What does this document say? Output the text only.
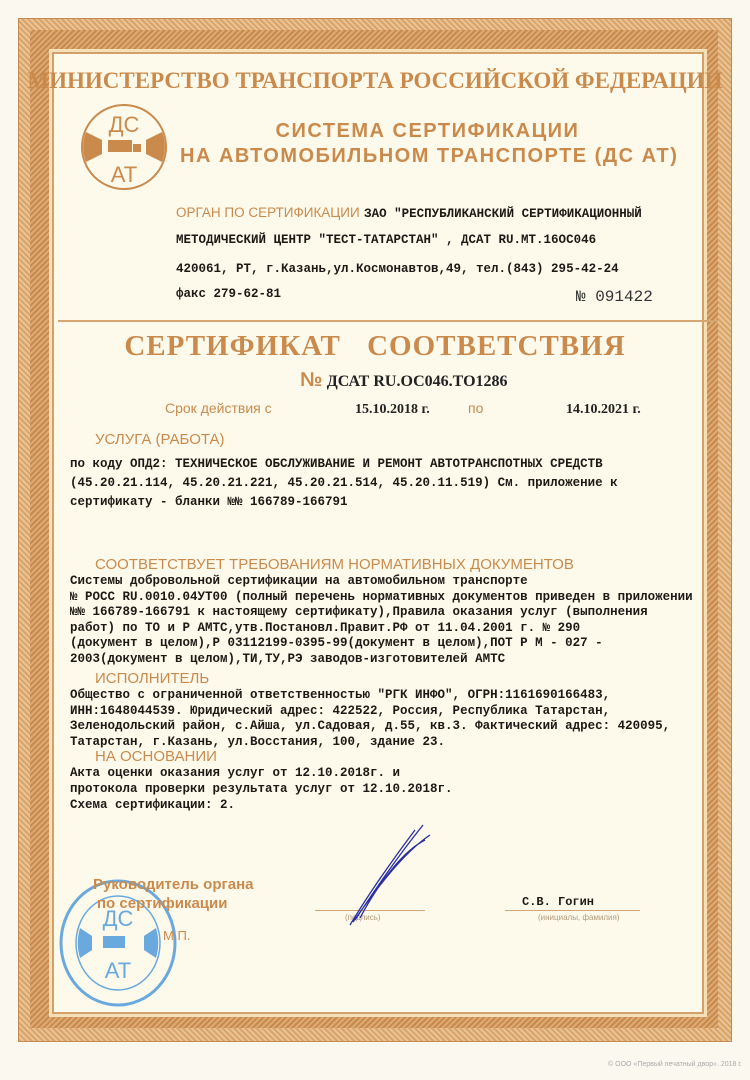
МИНИСТЕРСТВО ТРАНСПОРТА РОССИЙСКОЙ ФЕДЕРАЦИИ
ДС
АТ
СИСТЕМА СЕРТИФИКАЦИИ
НА АВТОМОБИЛЬНОМ ТРАНСПОРТЕ (ДС АТ)
ОРГАН ПО СЕРТИФИКАЦИИ ЗАО "РЕСПУБЛИКАНСКИЙ СЕРТИФИКАЦИОННЫЙ
МЕТОДИЧЕСКИЙ ЦЕНТР "ТЕСТ-ТАТАРСТАН" , ДСАТ RU.МТ.16ОС046
420061, РТ, г.Казань,ул.Космонавтов,49, тел.(843) 295-42-24
факс 279-62-81	№ 091422
СЕРТИФИКАТ СООТВЕТСТВИЯ
№ ДСАТ RU.ОС046.ТО1286
Срок действия с	15.10.2018 г.	по	14.10.2021 г.
УСЛУГА (РАБОТА)
по коду ОПД2: ТЕХНИЧЕСКОЕ ОБСЛУЖИВАНИЕ И РЕМОНТ АВТОТРАНСПОТНЫХ СРЕДСТВ
(45.20.21.114, 45.20.21.221, 45.20.21.514, 45.20.11.519) См. приложение к
сертификату - бланки №№ 166789-166791
СООТВЕТСТВУЕТ ТРЕБОВАНИЯМ НОРМАТИВНЫХ ДОКУМЕНТОВ
Системы добровольной сертификации на автомобильном транспорте
№ РОСС RU.0010.04УТ00 (полный перечень нормативных документов приведен в приложении
№№ 166789-166791 к настоящему сертификату),Правила оказания услуг (выполнения
работ) по ТО и Р АМТС,утв.Постановл.Правит.РФ от 11.04.2001 г. № 290
(документ в целом),Р 03112199-0395-99(документ в целом),ПОТ Р М - 027 -
2003(документ в целом),ТИ,ТУ,РЭ заводов-изготовителей АМТС
ИСПОЛНИТЕЛЬ
Общество с ограниченной ответственностью "РГК ИНФО", ОГРН:1161690166483,
ИНН:1648044539. Юридический адрес: 422522, Россия, Республика Татарстан,
Зеленодольский район, с.Айша, ул.Садовая, д.55, кв.3. Фактический адрес: 420095,
Татарстан, г.Казань, ул.Восстания, 100, здание 23.
НА ОСНОВАНИИ
Акта оценки оказания услуг от 12.10.2018г. и
протокола проверки результата услуг от 12.10.2018г.
Схема сертификации: 2.
ДС
АТ
Руководитель органа
по сертификации
М.П.
(подпись)
С.В. Гогин
(инициалы, фамилия)
© ООО «Первый печатный двор». 2018 г.
